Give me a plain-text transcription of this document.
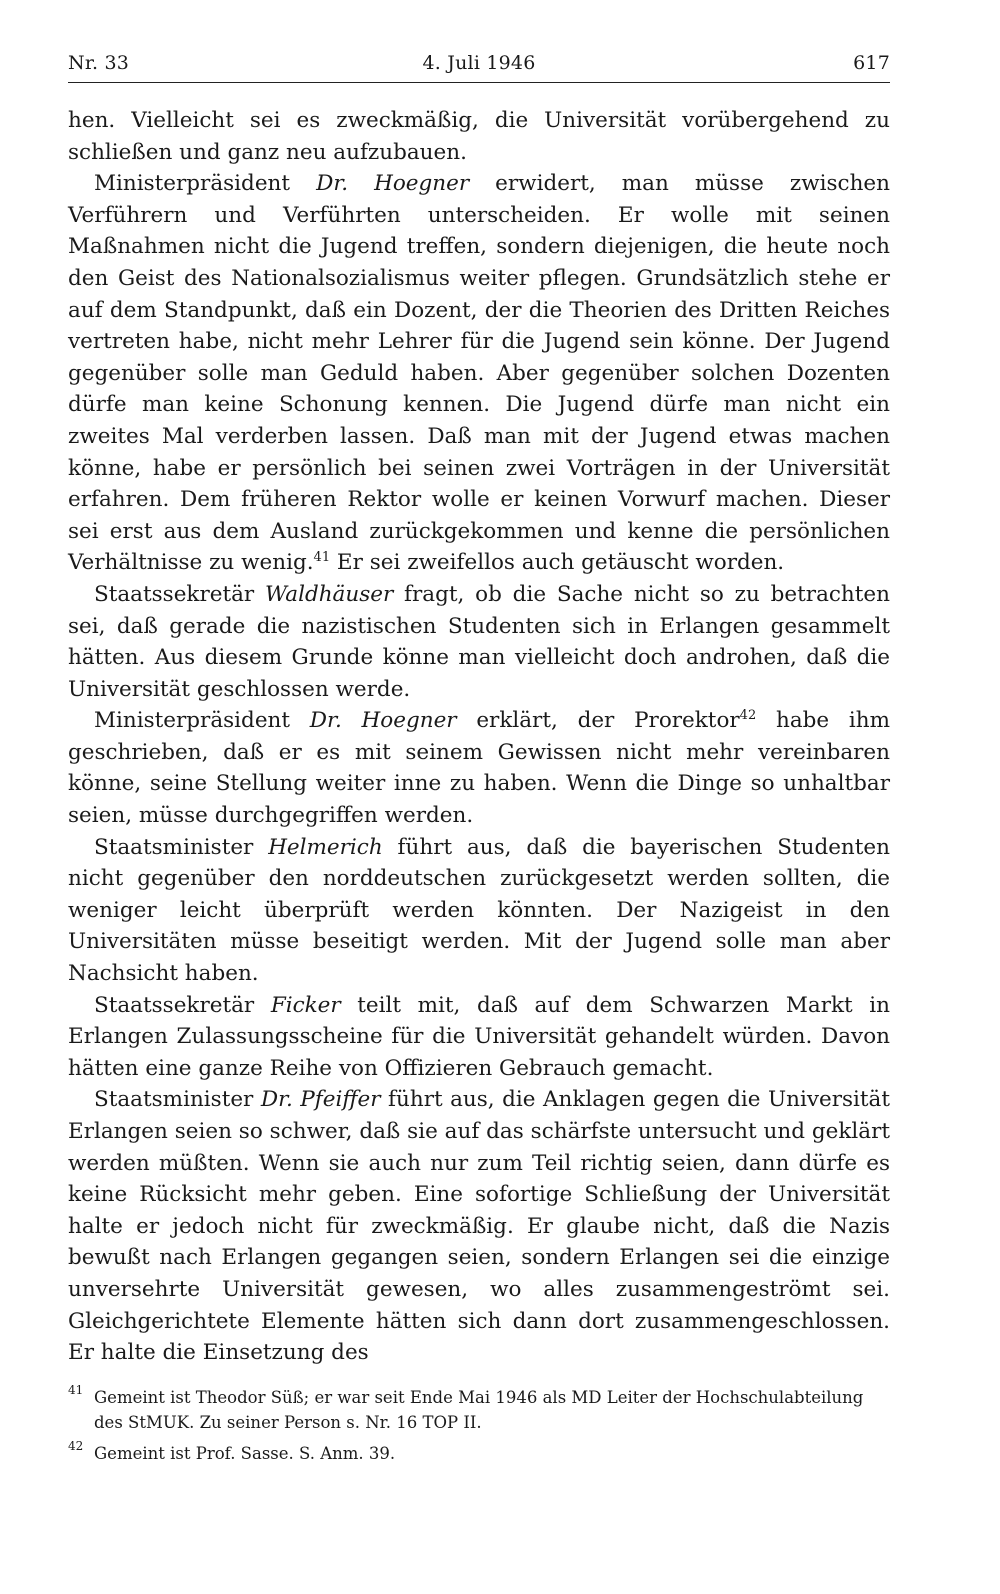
Nr. 33	4. Juli 1946	617

hen. Vielleicht sei es zweckmäßig, die Universität vorübergehend zu schließen und ganz neu aufzubauen.

Ministerpräsident Dr. Hoegner erwidert, man müsse zwischen Verführern und Verführten unterscheiden. Er wolle mit seinen Maßnahmen nicht die Jugend treffen, sondern diejenigen, die heute noch den Geist des Nationalsozialismus weiter pflegen. Grundsätzlich stehe er auf dem Standpunkt, daß ein Dozent, der die Theorien des Dritten Reiches vertreten habe, nicht mehr Lehrer für die Jugend sein könne. Der Jugend gegenüber solle man Geduld haben. Aber gegenüber solchen Dozenten dürfe man keine Schonung kennen. Die Jugend dürfe man nicht ein zweites Mal verderben lassen. Daß man mit der Jugend etwas machen könne, habe er persönlich bei seinen zwei Vorträgen in der Universität erfahren. Dem früheren Rektor wolle er keinen Vorwurf machen. Dieser sei erst aus dem Ausland zurückgekommen und kenne die persönlichen Verhältnisse zu wenig.$^{41}$ Er sei zweifellos auch getäuscht worden.

Staatssekretär Waldhäuser fragt, ob die Sache nicht so zu betrachten sei, daß gerade die nazistischen Studenten sich in Erlangen gesammelt hätten. Aus diesem Grunde könne man vielleicht doch androhen, daß die Universität geschlossen werde.

Ministerpräsident Dr. Hoegner erklärt, der Prorektor$^{42}$ habe ihm geschrieben, daß er es mit seinem Gewissen nicht mehr vereinbaren könne, seine Stellung weiter inne zu haben. Wenn die Dinge so unhaltbar seien, müsse durchgegriffen werden.

Staatsminister Helmerich führt aus, daß die bayerischen Studenten nicht gegenüber den norddeutschen zurückgesetzt werden sollten, die weniger leicht überprüft werden könnten. Der Nazigeist in den Universitäten müsse beseitigt werden. Mit der Jugend solle man aber Nachsicht haben.

Staatssekretär Ficker teilt mit, daß auf dem Schwarzen Markt in Erlangen Zulassungsscheine für die Universität gehandelt würden. Davon hätten eine ganze Reihe von Offizieren Gebrauch gemacht.

Staatsminister Dr. Pfeiffer führt aus, die Anklagen gegen die Universität Erlangen seien so schwer, daß sie auf das schärfste untersucht und geklärt werden müßten. Wenn sie auch nur zum Teil richtig seien, dann dürfe es keine Rücksicht mehr geben. Eine sofortige Schließung der Universität halte er jedoch nicht für zweckmäßig. Er glaube nicht, daß die Nazis bewußt nach Erlangen gegangen seien, sondern Erlangen sei die einzige unversehrte Universität gewesen, wo alles zusammengeströmt sei. Gleichgerichtete Elemente hätten sich dann dort zusammengeschlossen. Er halte die Einsetzung des

41 Gemeint ist Theodor Süß; er war seit Ende Mai 1946 als MD Leiter der Hochschulabteilung des StMUK. Zu seiner Person s. Nr. 16 TOP II.
42 Gemeint ist Prof. Sasse. S. Anm. 39.
